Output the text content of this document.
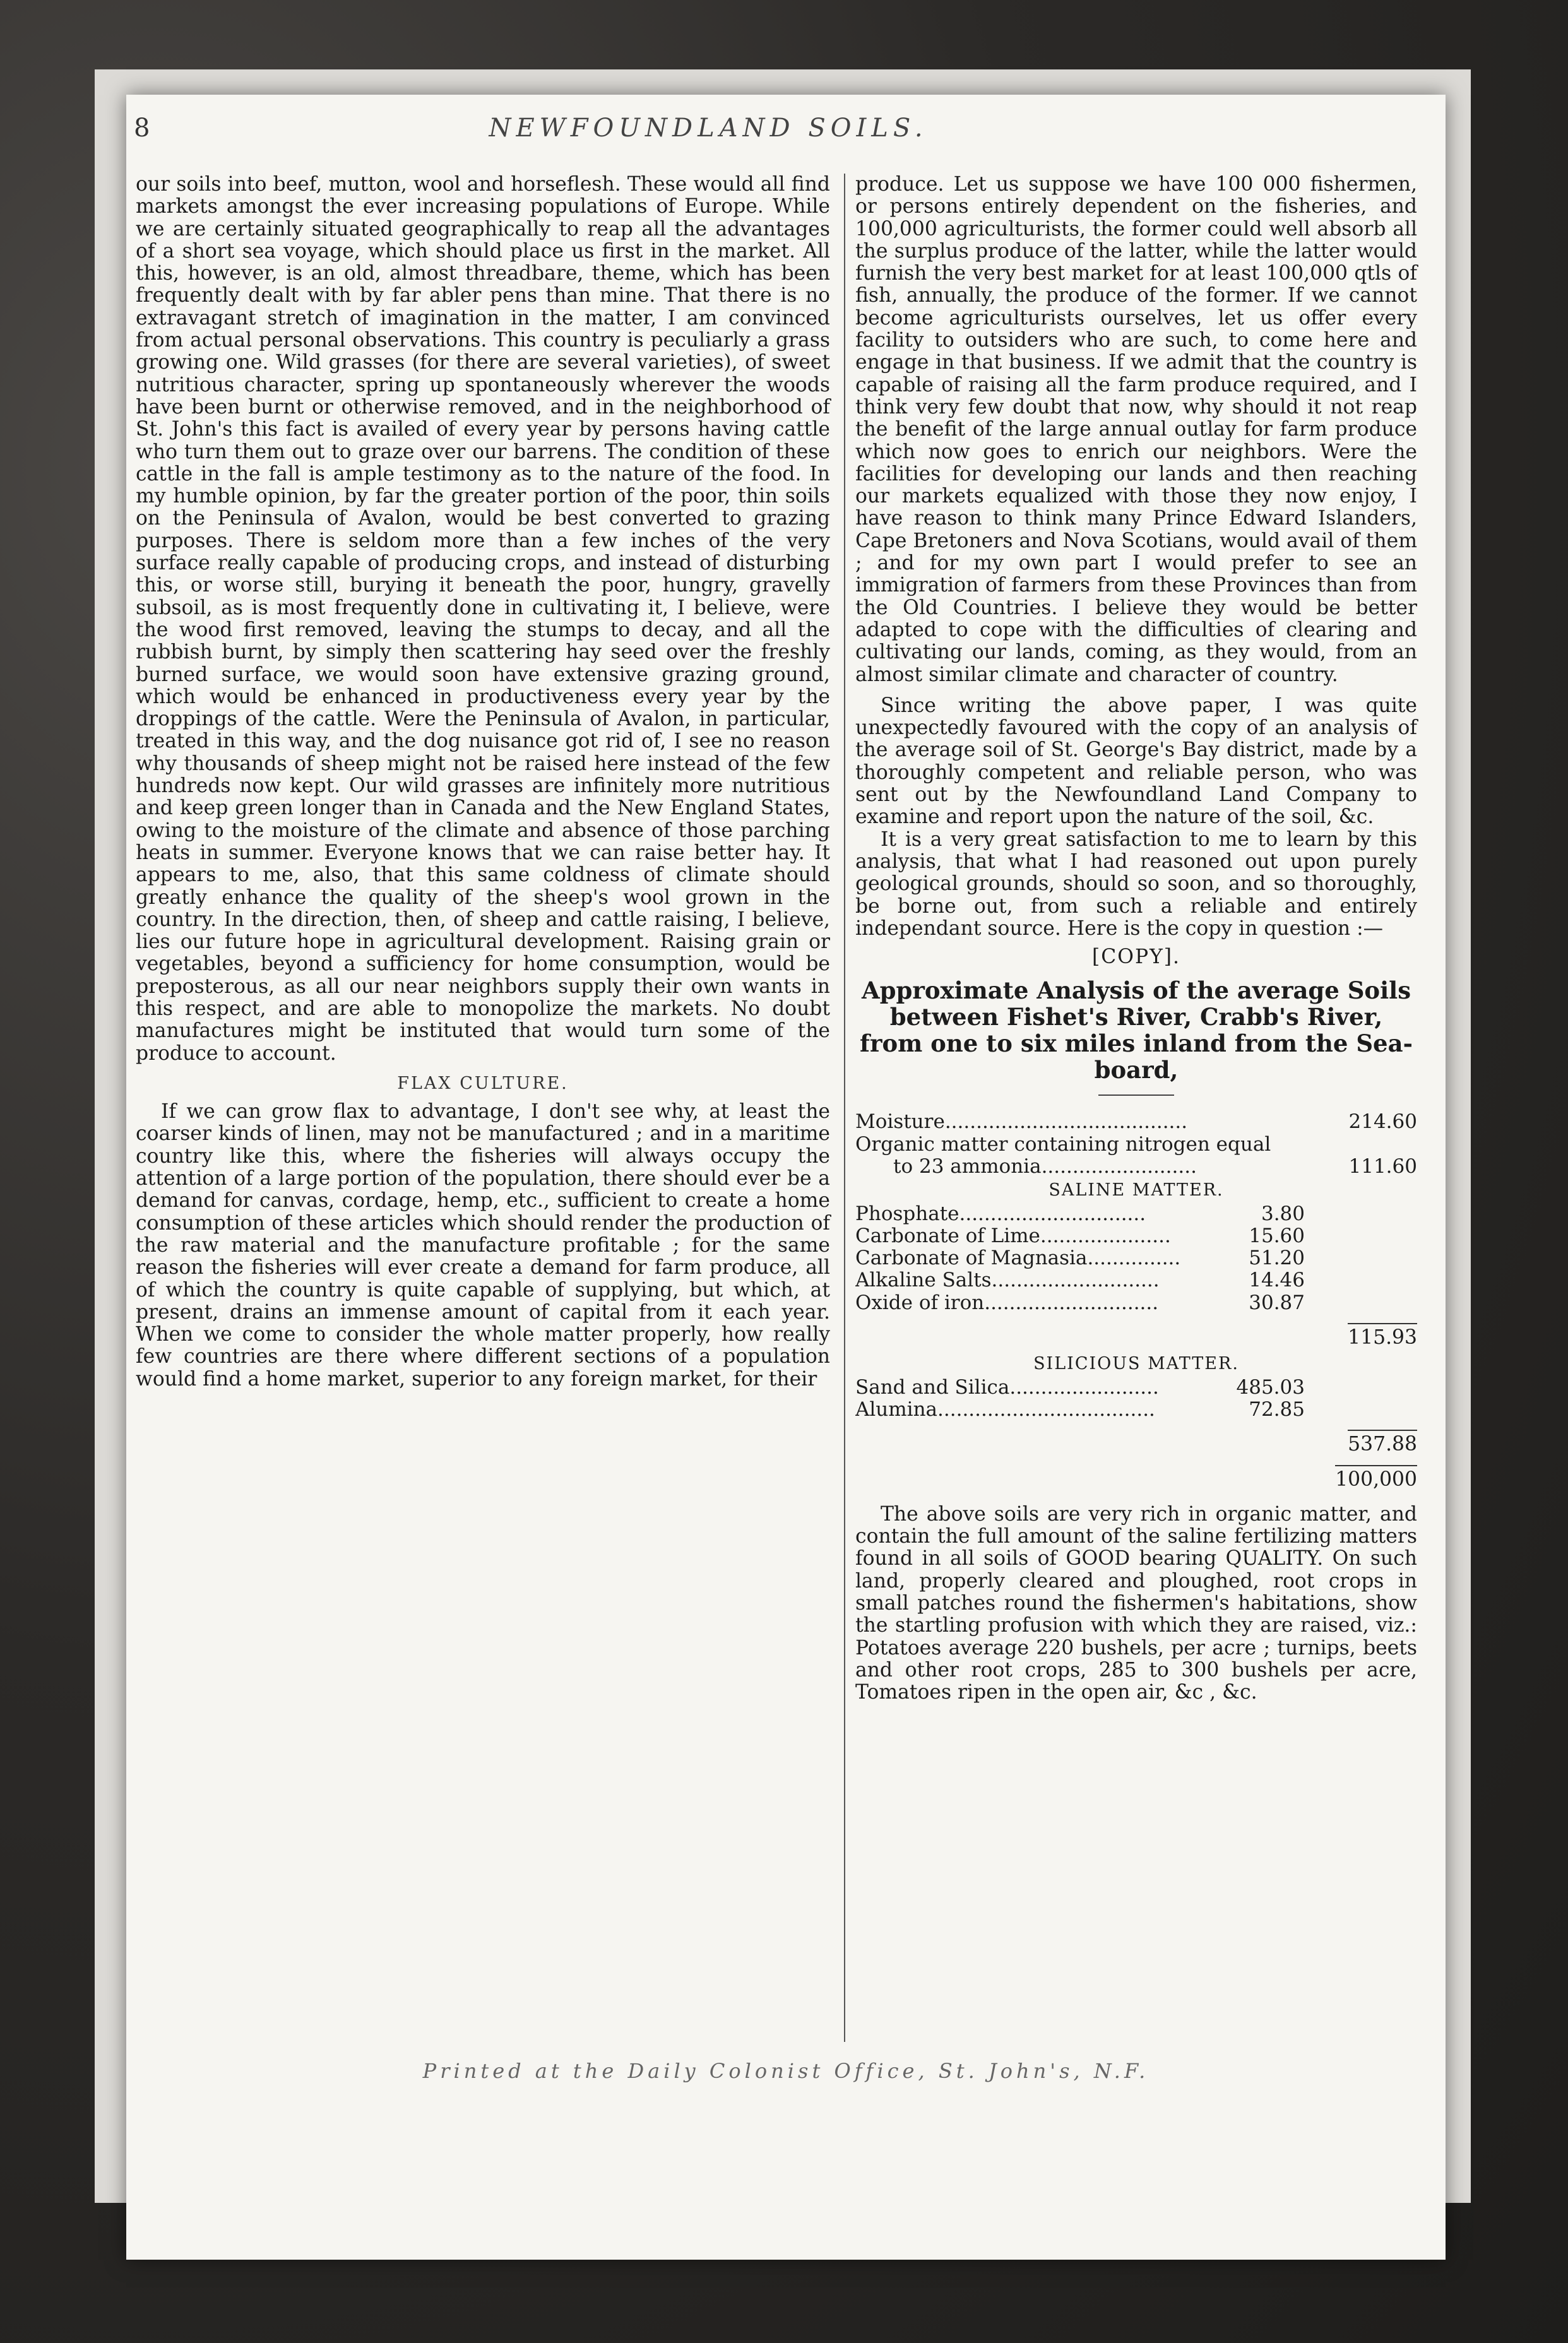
8	NEWFOUNDLAND SOILS.

our soils into beef, mutton, wool and horseflesh. These would all find markets amongst the ever increasing populations of Europe. While we are certainly situated geographically to reap all the advantages of a short sea voyage, which should place us first in the market. All this, however, is an old, almost threadbare, theme, which has been frequently dealt with by far abler pens than mine. That there is no extravagant stretch of imagination in the matter, I am convinced from actual personal observations. This country is peculiarly a grass growing one. Wild grasses (for there are several varieties), of sweet nutritious character, spring up spontaneously wherever the woods have been burnt or otherwise removed, and in the neighborhood of St. John's this fact is availed of every year by persons having cattle who turn them out to graze over our barrens. The condition of these cattle in the fall is ample testimony as to the nature of the food. In my humble opinion, by far the greater portion of the poor, thin soils on the Peninsula of Avalon, would be best converted to grazing purposes. There is seldom more than a few inches of the very surface really capable of producing crops, and instead of disturbing this, or worse still, burying it beneath the poor, hungry, gravelly subsoil, as is most frequently done in cultivating it, I believe, were the wood first removed, leaving the stumps to decay, and all the rubbish burnt, by simply then scattering hay seed over the freshly burned surface, we would soon have extensive grazing ground, which would be enhanced in productiveness every year by the droppings of the cattle. Were the Peninsula of Avalon, in particular, treated in this way, and the dog nuisance got rid of, I see no reason why thousands of sheep might not be raised here instead of the few hundreds now kept. Our wild grasses are infinitely more nutritious and keep green longer than in Canada and the New England States, owing to the moisture of the climate and absence of those parching heats in summer. Everyone knows that we can raise better hay. It appears to me, also, that this same coldness of climate should greatly enhance the quality of the sheep's wool grown in the country. In the direction, then, of sheep and cattle raising, I believe, lies our future hope in agricultural development. Raising grain or vegetables, beyond a sufficiency for home consumption, would be preposterous, as all our near neighbors supply their own wants in this respect, and are able to monopolize the markets. No doubt manufactures might be instituted that would turn some of the produce to account.

FLAX CULTURE.

If we can grow flax to advantage, I don't see why, at least the coarser kinds of linen, may not be manufactured ; and in a maritime country like this, where the fisheries will always occupy the attention of a large portion of the population, there should ever be a demand for canvas, cordage, hemp, etc., sufficient to create a home consumption of these articles which should render the production of the raw material and the manufacture profitable ; for the same reason the fisheries will ever create a demand for farm produce, all of which the country is quite capable of supplying, but which, at present, drains an immense amount of capital from it each year. When we come to consider the whole matter properly, how really few countries are there where different sections of a population would find a home market, superior to any foreign market, for their

produce. Let us suppose we have 100 000 fishermen, or persons entirely dependent on the fisheries, and 100,000 agriculturists, the former could well absorb all the surplus produce of the latter, while the latter would furnish the very best market for at least 100,000 qtls of fish, annually, the produce of the former. If we cannot become agriculturists ourselves, let us offer every facility to outsiders who are such, to come here and engage in that business. If we admit that the country is capable of raising all the farm produce required, and I think very few doubt that now, why should it not reap the benefit of the large annual outlay for farm produce which now goes to enrich our neighbors. Were the facilities for developing our lands and then reaching our markets equalized with those they now enjoy, I have reason to think many Prince Edward Islanders, Cape Bretoners and Nova Scotians, would avail of them ; and for my own part I would prefer to see an immigration of farmers from these Provinces than from the Old Countries. I believe they would be better adapted to cope with the difficulties of clearing and cultivating our lands, coming, as they would, from an almost similar climate and character of country.

Since writing the above paper, I was quite unexpectedly favoured with the copy of an analysis of the average soil of St. George's Bay district, made by a thoroughly competent and reliable person, who was sent out by the Newfoundland Land Company to examine and report upon the nature of the soil, &c.

It is a very great satisfaction to me to learn by this analysis, that what I had reasoned out upon purely geological grounds, should so soon, and so thoroughly, be borne out, from such a reliable and entirely independant source. Here is the copy in question :—

[COPY].
Approximate Analysis of the average Soils between Fishet's River, Crabb's River, from one to six miles inland from the Sea-board,
Moisture.......................................	214.60
Organic matter containing nitrogen equal	
to 23 ammonia.........................	111.60
SALINE MATTER.
Phosphate..............................	3.80
Carbonate of Lime.....................	15.60
Carbonate of Magnasia...............	51.20
Alkaline Salts...........................	14.46
Oxide of iron............................	30.87
115.93
SILICIOUS MATTER.
Sand and Silica........................	485.03
Alumina...................................	72.85
537.88
100,000

The above soils are very rich in organic matter, and contain the full amount of the saline fertilizing matters found in all soils of GOOD bearing QUALITY. On such land, properly cleared and ploughed, root crops in small patches round the fishermen's habitations, show the startling profusion with which they are raised, viz.: Potatoes average 220 bushels, per acre ; turnips, beets and other root crops, 285 to 300 bushels per acre, Tomatoes ripen in the open air, &c , &c.

Printed at the Daily Colonist Office, St. John's, N.F.
